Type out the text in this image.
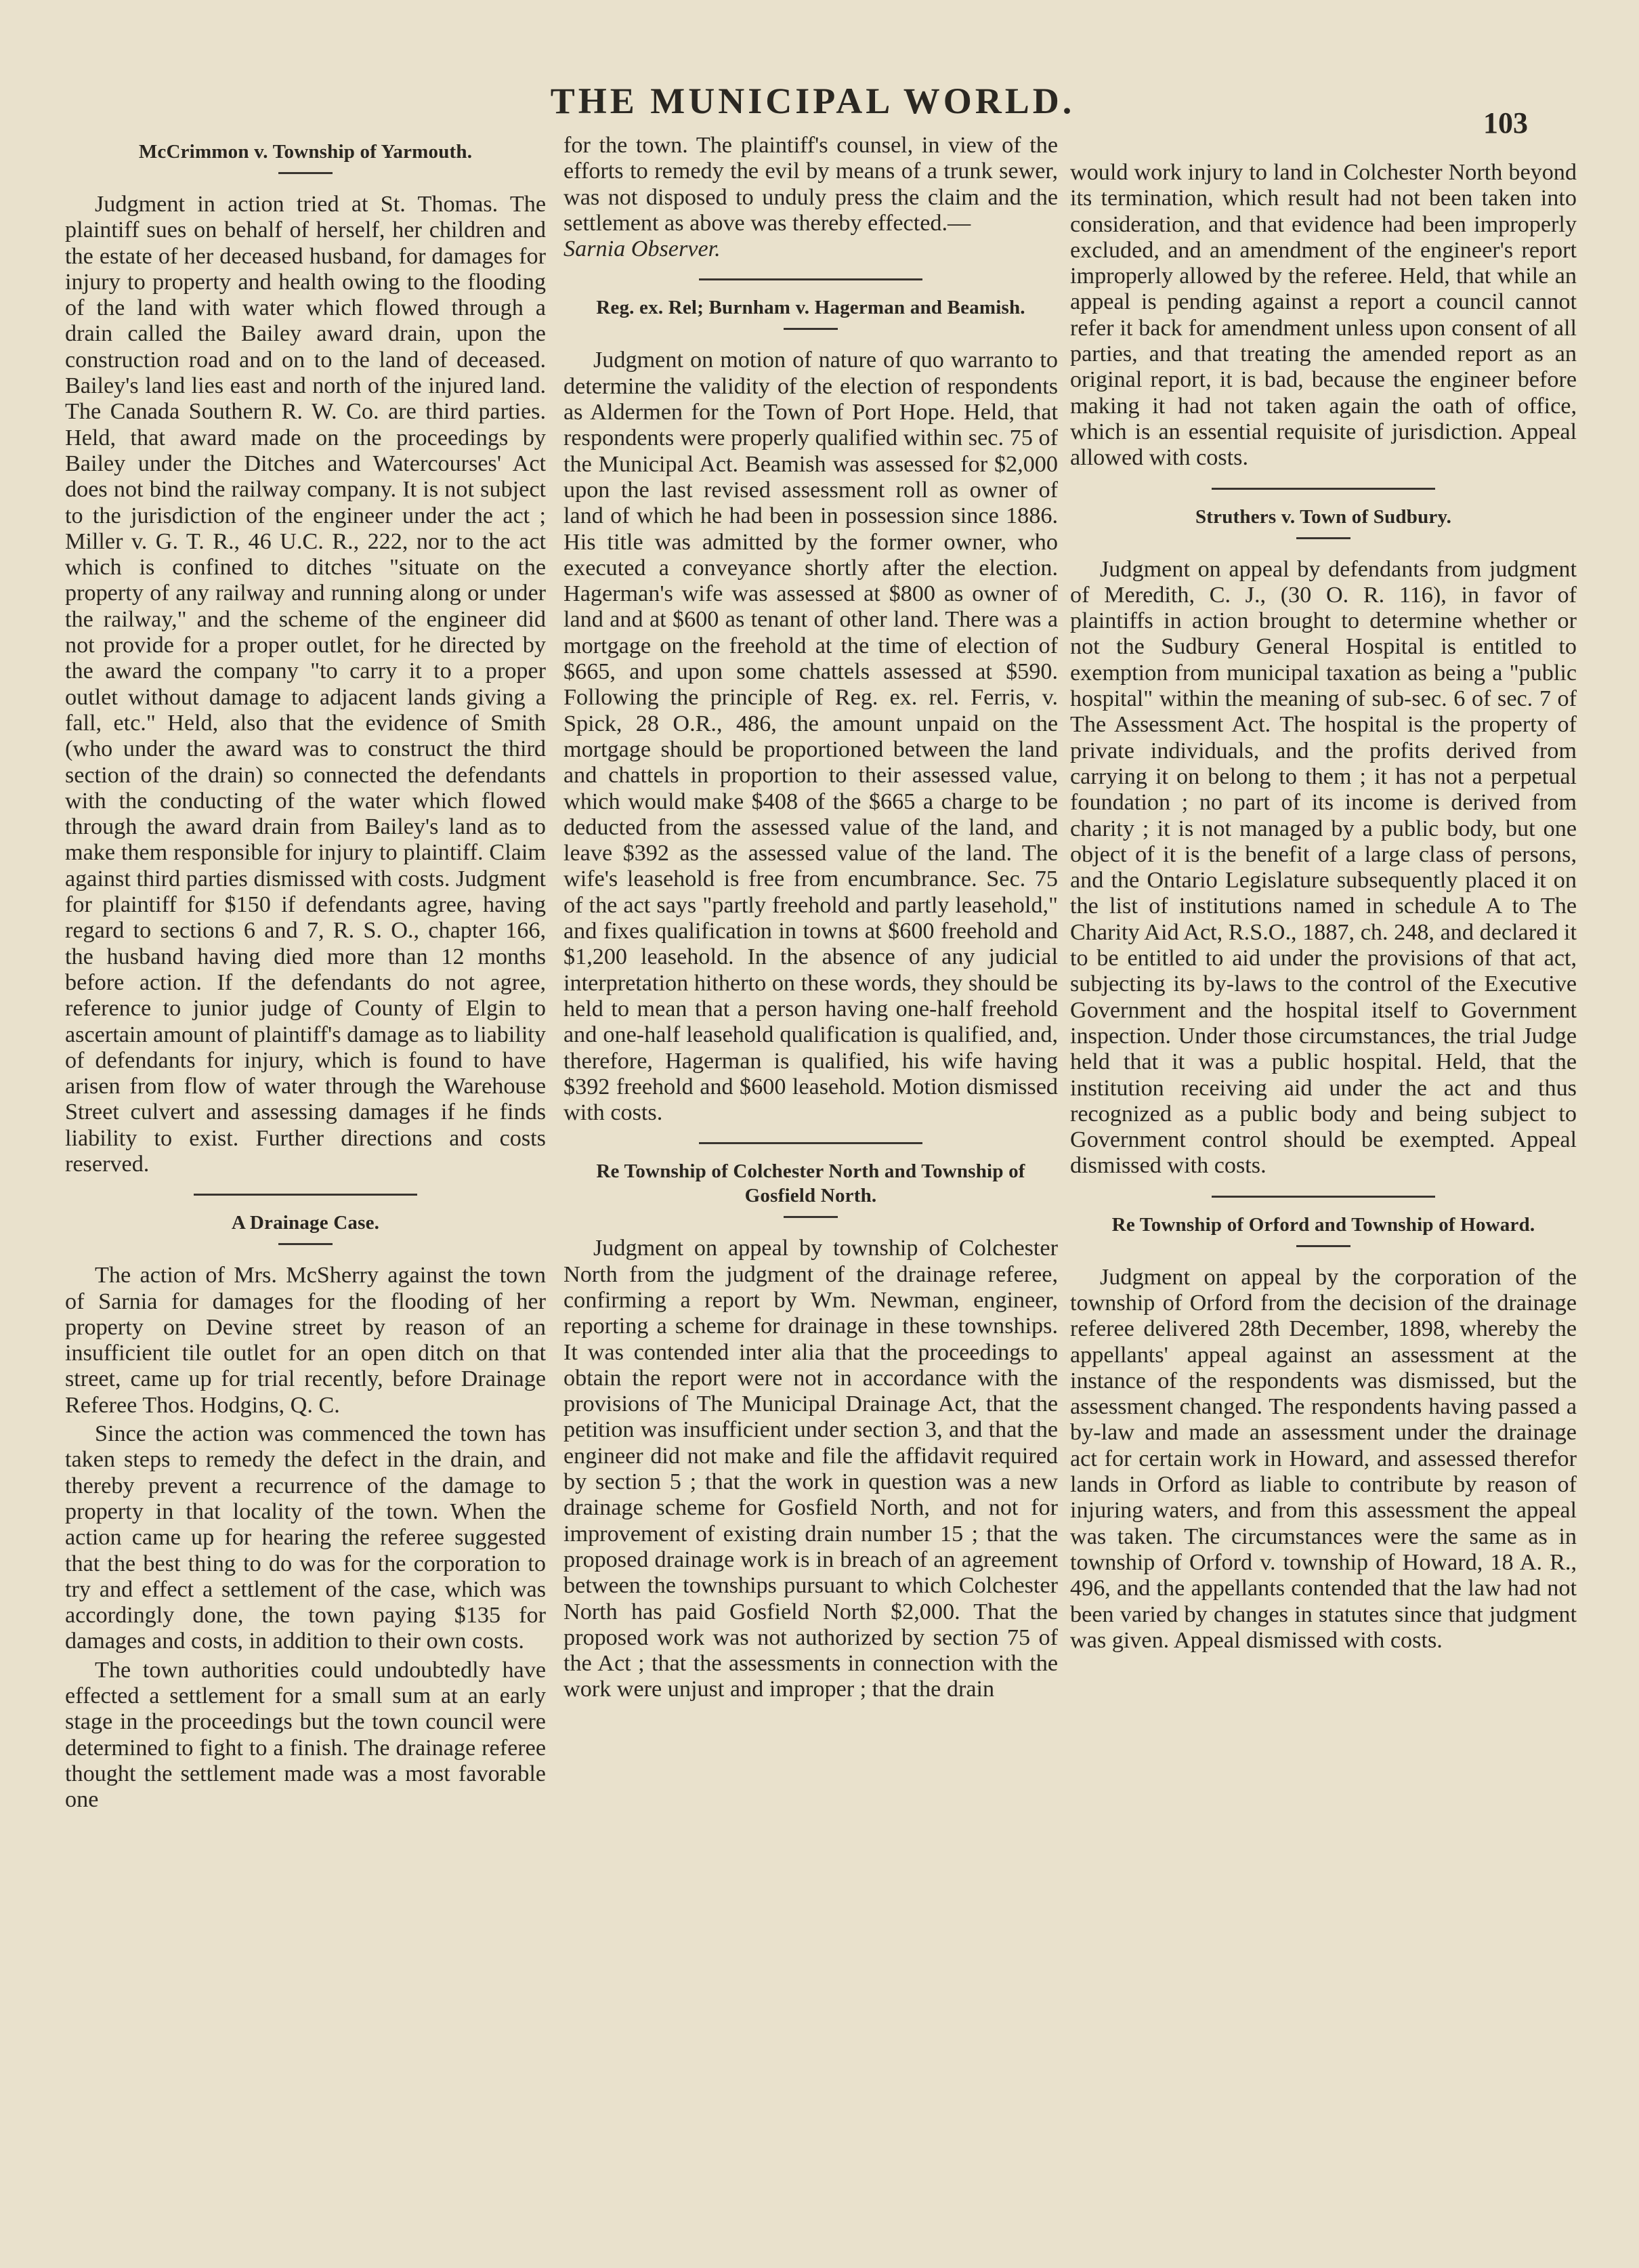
THE MUNICIPAL WORLD.
103
McCrimmon v. Township of Yarmouth.

Judgment in action tried at St. Thomas. The plaintiff sues on behalf of herself, her children and the estate of her deceased husband, for damages for injury to property and health owing to the flooding of the land with water which flowed through a drain called the Bailey award drain, upon the construction road and on to the land of deceased. Bailey's land lies east and north of the injured land. The Canada Southern R. W. Co. are third parties. Held, that award made on the proceedings by Bailey under the Ditches and Watercourses' Act does not bind the railway company. It is not subject to the jurisdiction of the engineer under the act ; Miller v. G. T. R., 46 U.C. R., 222, nor to the act which is confined to ditches "situate on the property of any railway and running along or under the railway," and the scheme of the engineer did not provide for a proper outlet, for he directed by the award the company "to carry it to a proper outlet without damage to adjacent lands giving a fall, etc." Held, also that the evidence of Smith (who under the award was to construct the third section of the drain) so connected the defendants with the conducting of the water which flowed through the award drain from Bailey's land as to make them responsible for injury to plaintiff. Claim against third parties dismissed with costs. Judgment for plaintiff for $150 if defendants agree, having regard to sections 6 and 7, R. S. O., chapter 166, the husband having died more than 12 months before action. If the defendants do not agree, reference to junior judge of County of Elgin to ascertain amount of plaintiff's damage as to liability of defendants for injury, which is found to have arisen from flow of water through the Warehouse Street culvert and assessing damages if he finds liability to exist. Further directions and costs reserved.

A Drainage Case.

The action of Mrs. McSherry against the town of Sarnia for damages for the flooding of her property on Devine street by reason of an insufficient tile outlet for an open ditch on that street, came up for trial recently, before Drainage Referee Thos. Hodgins, Q. C.

Since the action was commenced the town has taken steps to remedy the defect in the drain, and thereby prevent a recurrence of the damage to property in that locality of the town. When the action came up for hearing the referee suggested that the best thing to do was for the corporation to try and effect a settlement of the case, which was accordingly done, the town paying $135 for damages and costs, in addition to their own costs.

The town authorities could undoubtedly have effected a settlement for a small sum at an early stage in the proceedings but the town council were determined to fight to a finish. The drainage referee thought the settlement made was a most favorable one

for the town. The plaintiff's counsel, in view of the efforts to remedy the evil by means of a trunk sewer, was not disposed to unduly press the claim and the settlement as above was thereby effected.—

Sarnia Observer.

Reg. ex. Rel; Burnham v. Hagerman and Beamish.

Judgment on motion of nature of quo warranto to determine the validity of the election of respondents as Aldermen for the Town of Port Hope. Held, that respondents were properly qualified within sec. 75 of the Municipal Act. Beamish was assessed for $2,000 upon the last revised assessment roll as owner of land of which he had been in possession since 1886. His title was admitted by the former owner, who executed a conveyance shortly after the election. Hagerman's wife was assessed at $800 as owner of land and at $600 as tenant of other land. There was a mortgage on the freehold at the time of election of $665, and upon some chattels assessed at $590. Following the principle of Reg. ex. rel. Ferris, v. Spick, 28 O.R., 486, the amount unpaid on the mortgage should be proportioned between the land and chattels in proportion to their assessed value, which would make $408 of the $665 a charge to be deducted from the assessed value of the land, and leave $392 as the assessed value of the land. The wife's leasehold is free from encumbrance. Sec. 75 of the act says "partly freehold and partly leasehold," and fixes qualification in towns at $600 freehold and $1,200 leasehold. In the absence of any judicial interpretation hitherto on these words, they should be held to mean that a person having one-half freehold and one-half leasehold qualification is qualified, and, therefore, Hagerman is qualified, his wife having $392 freehold and $600 leasehold. Motion dismissed with costs.

Re Township of Colchester North and Township of Gosfield North.

Judgment on appeal by township of Colchester North from the judgment of the drainage referee, confirming a report by Wm. Newman, engineer, reporting a scheme for drainage in these townships. It was contended inter alia that the proceedings to obtain the report were not in accordance with the provisions of The Municipal Drainage Act, that the petition was insufficient under section 3, and that the engineer did not make and file the affidavit required by section 5 ; that the work in question was a new drainage scheme for Gosfield North, and not for improvement of existing drain number 15 ; that the proposed drainage work is in breach of an agreement between the townships pursuant to which Colchester North has paid Gosfield North $2,000. That the proposed work was not authorized by section 75 of the Act ; that the assessments in connection with the work were unjust and improper ; that the drain

would work injury to land in Colchester North beyond its termination, which result had not been taken into consideration, and that evidence had been improperly excluded, and an amendment of the engineer's report improperly allowed by the referee. Held, that while an appeal is pending against a report a council cannot refer it back for amendment unless upon consent of all parties, and that treating the amended report as an original report, it is bad, because the engineer before making it had not taken again the oath of office, which is an essential requisite of jurisdiction. Appeal allowed with costs.

Struthers v. Town of Sudbury.

Judgment on appeal by defendants from judgment of Meredith, C. J., (30 O. R. 116), in favor of plaintiffs in action brought to determine whether or not the Sudbury General Hospital is entitled to exemption from municipal taxation as being a "public hospital" within the meaning of sub-sec. 6 of sec. 7 of The Assessment Act. The hospital is the property of private individuals, and the profits derived from carrying it on belong to them ; it has not a perpetual foundation ; no part of its income is derived from charity ; it is not managed by a public body, but one object of it is the benefit of a large class of persons, and the Ontario Legislature subsequently placed it on the list of institutions named in schedule A to The Charity Aid Act, R.S.O., 1887, ch. 248, and declared it to be entitled to aid under the provisions of that act, subjecting its by-laws to the control of the Executive Government and the hospital itself to Government inspection. Under those circumstances, the trial Judge held that it was a public hospital. Held, that the institution receiving aid under the act and thus recognized as a public body and being subject to Government control should be exempted. Appeal dismissed with costs.

Re Township of Orford and Township of Howard.

Judgment on appeal by the corporation of the township of Orford from the decision of the drainage referee delivered 28th December, 1898, whereby the appellants' appeal against an assessment at the instance of the respondents was dismissed, but the assessment changed. The respondents having passed a by-law and made an assessment under the drainage act for certain work in Howard, and assessed therefor lands in Orford as liable to contribute by reason of injuring waters, and from this assessment the appeal was taken. The circumstances were the same as in township of Orford v. township of Howard, 18 A. R., 496, and the appellants contended that the law had not been varied by changes in statutes since that judgment was given. Appeal dismissed with costs.
